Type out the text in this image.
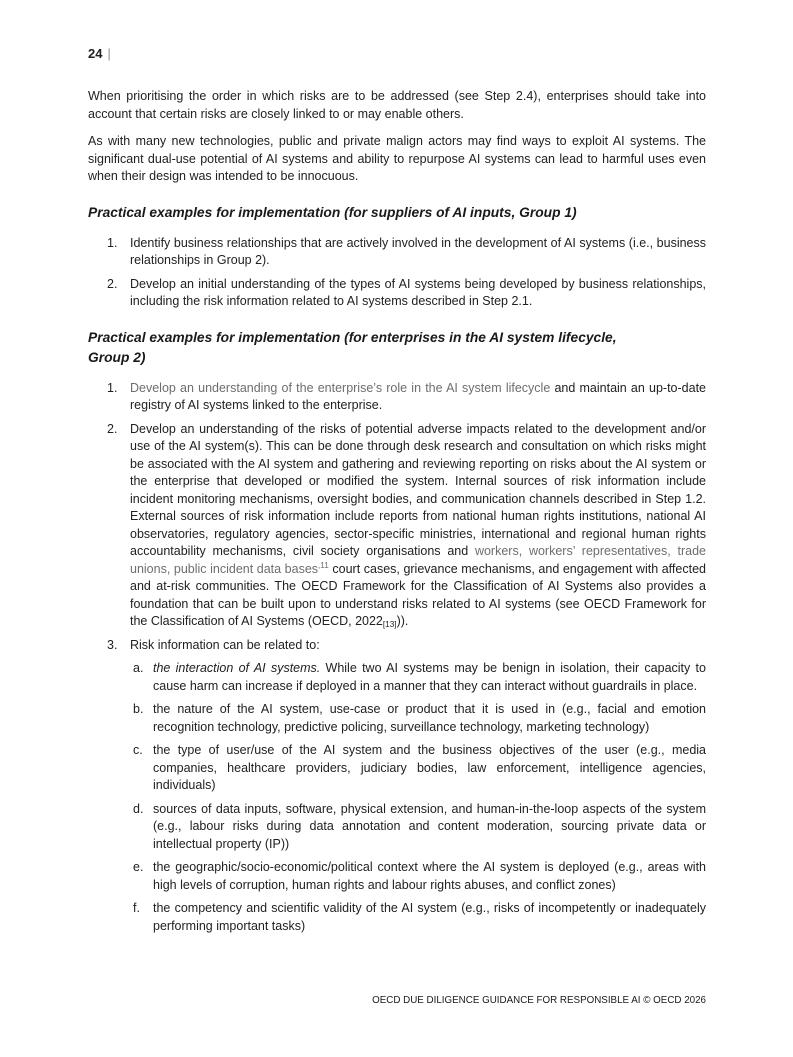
24 |

When prioritising the order in which risks are to be addressed (see Step 2.4), enterprises should take into account that certain risks are closely linked to or may enable others.

As with many new technologies, public and private malign actors may find ways to exploit AI systems. The significant dual-use potential of AI systems and ability to repurpose AI systems can lead to harmful uses even when their design was intended to be innocuous.

Practical examples for implementation (for suppliers of AI inputs, Group 1)
1.	Identify business relationships that are actively involved in the development of AI systems (i.e., business relationships in Group 2).
2.	Develop an initial understanding of the types of AI systems being developed by business relationships, including the risk information related to AI systems described in Step 2.1.
Practical examples for implementation (for enterprises in the AI system lifecycle,
Group 2)
1.	Develop an understanding of the enterprise’s role in the AI system lifecycle and maintain an up-to-date registry of AI systems linked to the enterprise.
2.	Develop an understanding of the risks of potential adverse impacts related to the development and/or use of the AI system(s). This can be done through desk research and consultation on which risks might be associated with the AI system and gathering and reviewing reporting on risks about the AI system or the enterprise that developed or modified the system. Internal sources of risk information include incident monitoring mechanisms, oversight bodies, and communication channels described in Step 1.2. External sources of risk information include reports from national human rights institutions, national AI observatories, regulatory agencies, sector-specific ministries, international and regional human rights accountability mechanisms, civil society organisations and workers, workers’ representatives, trade unions, public incident data bases$^{,11}$ court cases, grievance mechanisms, and engagement with affected and at-risk communities. The OECD Framework for the Classification of AI Systems also provides a foundation that can be built upon to understand risks related to AI systems (see OECD Framework for the Classification of AI Systems (OECD, 2022[13])).
3.	Risk information can be related to:
a. the interaction of AI systems. While two AI systems may be benign in isolation, their capacity to cause harm can increase if deployed in a manner that they can interact without guardrails in place.
b. the nature of the AI system, use-case or product that it is used in (e.g., facial and emotion recognition technology, predictive policing, surveillance technology, marketing technology)
c. the type of user/use of the AI system and the business objectives of the user (e.g., media companies, healthcare providers, judiciary bodies, law enforcement, intelligence agencies, individuals)
d. sources of data inputs, software, physical extension, and human-in-the-loop aspects of the system (e.g., labour risks during data annotation and content moderation, sourcing private data or intellectual property (IP))
e. the geographic/socio-economic/political context where the AI system is deployed (e.g., areas with high levels of corruption, human rights and labour rights abuses, and conflict zones)
f.	the competency and scientific validity of the AI system (e.g., risks of incompetently or inadequately performing important tasks)
OECD DUE DILIGENCE GUIDANCE FOR RESPONSIBLE AI © OECD 2026
